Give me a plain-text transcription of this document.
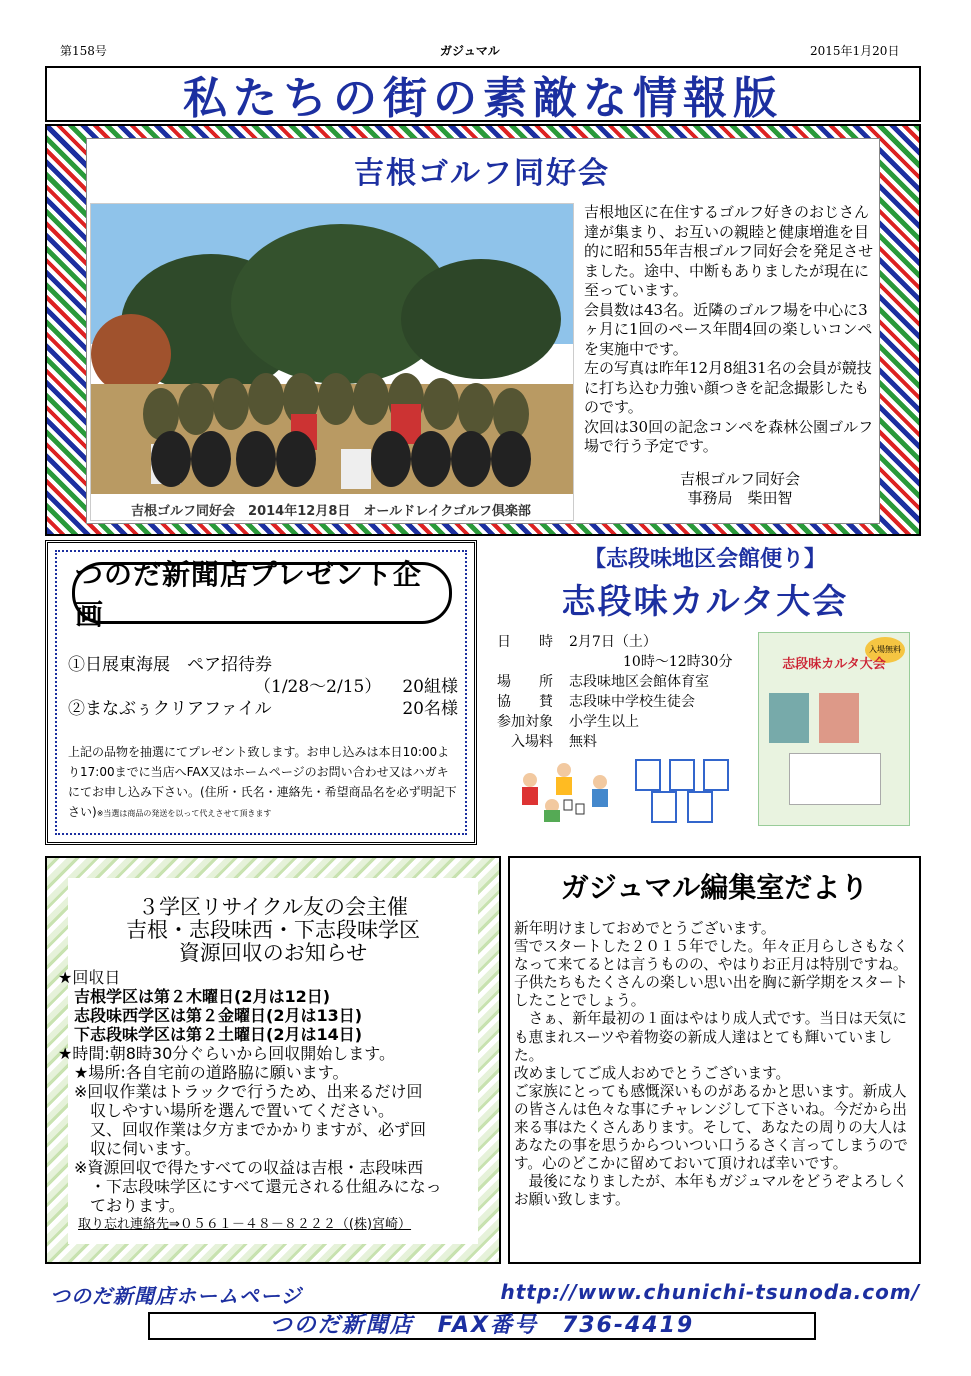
第158号	ガジュマル	2015年1月20日
私たちの街の素敵な情報版
吉根ゴルフ同好会
吉根ゴルフ同好会　2014年12月8日　オールドレイクゴルフ倶楽部
吉根地区に在住するゴルフ好きのおじさん達が集まり、お互いの親睦と健康増進を目的に昭和55年吉根ゴルフ同好会を発足させました。途中、中断もありましたが現在に至っています。
会員数は43名。近隣のゴルフ場を中心に3ヶ月に1回のペース年間4回の楽しいコンペを実施中です。
左の写真は昨年12月8組31名の会員が競技に打ち込む力強い顔つきを記念撮影したものです。
次回は30回の記念コンペを森林公園ゴルフ場で行う予定です。
吉根ゴルフ同好会
事務局　柴田智
つのだ新聞店プレゼント企画
①日展東海展　ペア招待券
（1/28～2/15） 20組様
②まなぶぅクリアファイル	20名様
上記の品物を抽選にてプレゼント致します。お申し込みは本日10:00より17:00までに当店へFAX又はホームページのお問い合わせ又はハガキにてお申し込み下さい。(住所・氏名・連絡先・希望商品名を必ず明記下さい)※当選は商品の発送を以って代えさせて頂きます
【志段味地区会館便り】
志段味カルタ大会
日　　時	2月7日（土）
10時～12時30分
場　　所	志段味地区会館体育室
協　　賛	志段味中学校生徒会
参加対象	小学生以上
　入場料	無料
入場無料
志段味カルタ大会
３学区リサイクル友の会主催
吉根・志段味西・下志段味学区
資源回収のお知らせ
★回収日
　吉根学区は第２木曜日(2月は12日)
　志段味西学区は第２金曜日(2月は13日)
　下志段味学区は第２土曜日(2月は14日)
★時間:朝8時30分ぐらいから回収開始します。
　★場所:各自宅前の道路脇に願います。
　※回収作業はトラックで行うため、出来るだけ回
　　収しやすい場所を選んで置いてください。
　　又、回収作業は夕方までかかりますが、必ず回
　　収に伺います。
　※資源回収で得たすべての収益は吉根・志段味西
　　・下志段味学区にすべて還元される仕組みになっ
　　ております。
取り忘れ連絡先⇒０５６１－４８－８２２２（(株)宮崎）
ガジュマル編集室だより
新年明けましておめでとうございます。
雪でスタートした２０１５年でした。年々正月らしさもなくなって来てるとは言うものの、やはりお正月は特別ですね。子供たちもたくさんの楽しい思い出を胸に新学期をスタートしたことでしょう。
　さぁ、新年最初の１面はやはり成人式です。当日は天気にも恵まれスーツや着物姿の新成人達はとても輝いていました。
改めましてご成人おめでとうございます。
ご家族にとっても感慨深いものがあるかと思います。新成人の皆さんは色々な事にチャレンジして下さいね。今だから出来る事はたくさんあります。そして、あなたの周りの大人はあなたの事を思うからついつい口うるさく言ってしまうのです。心のどこかに留めておいて頂ければ幸いです。
　最後になりましたが、本年もガジュマルをどうぞよろしくお願い致します。
つのだ新聞店ホームページ	http://www.chunichi-tsunoda.com/
つのだ新聞店　FAX番号　736-4419
